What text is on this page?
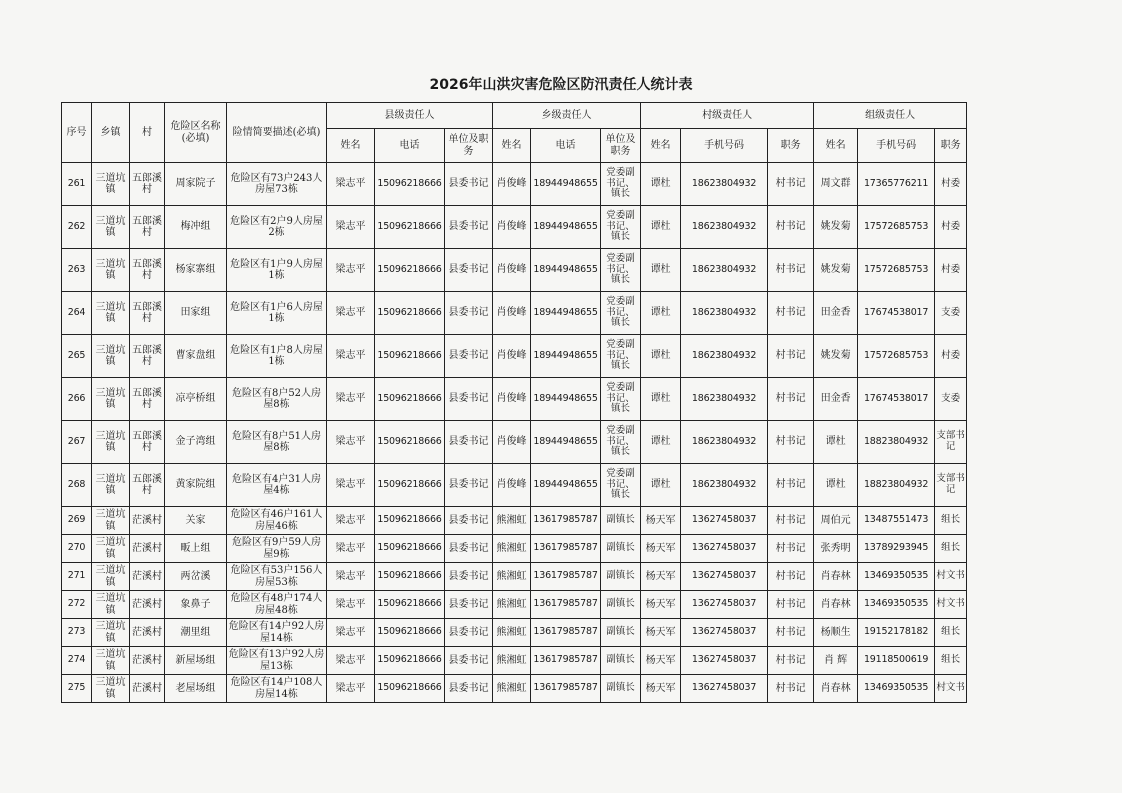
2026年山洪灾害危险区防汛责任人统计表
序号	乡镇	村	危险区名称(必填)	险情简要描述(必填)	县级责任人			乡级责任人			村级责任人			组级责任人		
					姓名	电话	单位及职务	姓名	电话	单位及职务	姓名	手机号码	职务	姓名	手机号码	职务
261	三道坑镇	五郎溪村	周家院子	危险区有73户243人房屋73栋	梁志平	15096218666	县委书记	肖俊峰	18944948655	党委副书记、镇长	谭杜	18623804932	村书记	周文群	17365776211	村委
262	三道坑镇	五郎溪村	梅冲组	危险区有2户9人房屋2栋	梁志平	15096218666	县委书记	肖俊峰	18944948655	党委副书记、镇长	谭杜	18623804932	村书记	姚发菊	17572685753	村委
263	三道坑镇	五郎溪村	杨家寨组	危险区有1户9人房屋1栋	梁志平	15096218666	县委书记	肖俊峰	18944948655	党委副书记、镇长	谭杜	18623804932	村书记	姚发菊	17572685753	村委
264	三道坑镇	五郎溪村	田家组	危险区有1户6人房屋1栋	梁志平	15096218666	县委书记	肖俊峰	18944948655	党委副书记、镇长	谭杜	18623804932	村书记	田金香	17674538017	支委
265	三道坑镇	五郎溪村	曹家盘组	危险区有1户8人房屋1栋	梁志平	15096218666	县委书记	肖俊峰	18944948655	党委副书记、镇长	谭杜	18623804932	村书记	姚发菊	17572685753	村委
266	三道坑镇	五郎溪村	凉亭桥组	危险区有8户52人房屋8栋	梁志平	15096218666	县委书记	肖俊峰	18944948655	党委副书记、镇长	谭杜	18623804932	村书记	田金香	17674538017	支委
267	三道坑镇	五郎溪村	金子湾组	危险区有8户51人房屋8栋	梁志平	15096218666	县委书记	肖俊峰	18944948655	党委副书记、镇长	谭杜	18623804932	村书记	谭杜	18823804932	支部书记
268	三道坑镇	五郎溪村	黄家院组	危险区有4户31人房屋4栋	梁志平	15096218666	县委书记	肖俊峰	18944948655	党委副书记、镇长	谭杜	18623804932	村书记	谭杜	18823804932	支部书记
269	三道坑镇	茫溪村	关家	危险区有46户161人房屋46栋	梁志平	15096218666	县委书记	熊湘虹	13617985787	副镇长	杨天军	13627458037	村书记	周伯元	13487551473	组长
270	三道坑镇	茫溪村	畈上组	危险区有9户59人房屋9栋	梁志平	15096218666	县委书记	熊湘虹	13617985787	副镇长	杨天军	13627458037	村书记	张秀明	13789293945	组长
271	三道坑镇	茫溪村	两岔溪	危险区有53户156人房屋53栋	梁志平	15096218666	县委书记	熊湘虹	13617985787	副镇长	杨天军	13627458037	村书记	肖春林	13469350535	村文书
272	三道坑镇	茫溪村	象鼻子	危险区有48户174人房屋48栋	梁志平	15096218666	县委书记	熊湘虹	13617985787	副镇长	杨天军	13627458037	村书记	肖春林	13469350535	村文书
273	三道坑镇	茫溪村	潮里组	危险区有14户92人房屋14栋	梁志平	15096218666	县委书记	熊湘虹	13617985787	副镇长	杨天军	13627458037	村书记	杨顺生	19152178182	组长
274	三道坑镇	茫溪村	新屋场组	危险区有13户92人房屋13栋	梁志平	15096218666	县委书记	熊湘虹	13617985787	副镇长	杨天军	13627458037	村书记	肖 辉	19118500619	组长
275	三道坑镇	茫溪村	老屋场组	危险区有14户108人房屋14栋	梁志平	15096218666	县委书记	熊湘虹	13617985787	副镇长	杨天军	13627458037	村书记	肖春林	13469350535	村文书
